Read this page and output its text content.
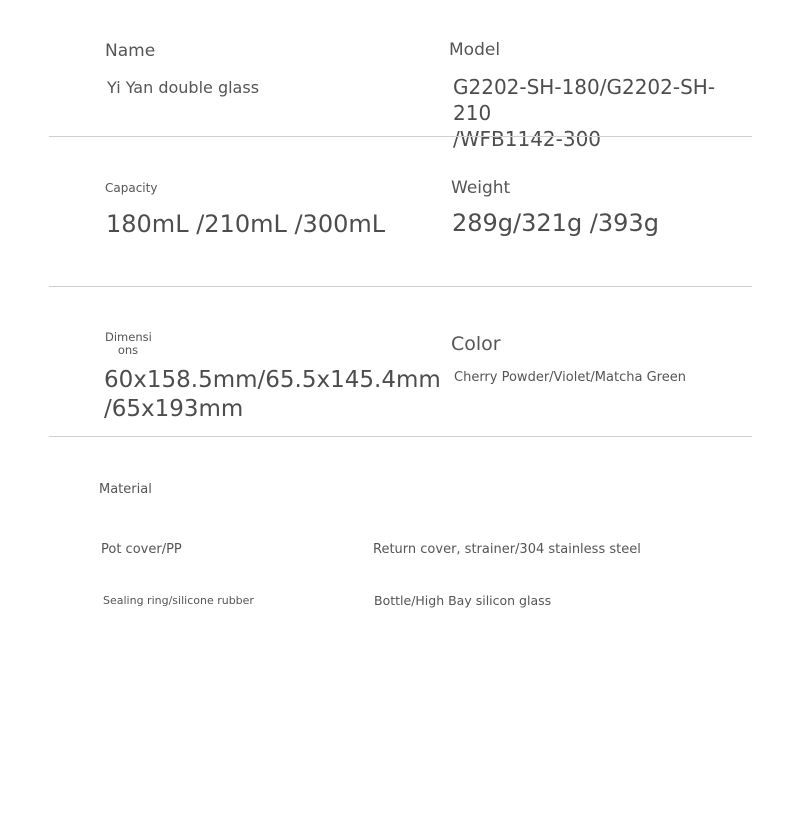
Name
Yi Yan double glass
Model
G2202-SH-180/G2202-SH-210
/WFB1142-300
Capacity
180mL /210mL /300mL
Weight
289g/321g /393g
Dimensi
ons
60x158.5mm/65.5x145.4mm
/65x193mm
Color
Cherry Powder/Violet/Matcha Green
Material
Pot cover/PP	Return cover, strainer/304 stainless steel
Sealing ring/silicone rubber	Bottle/High Bay silicon glass
